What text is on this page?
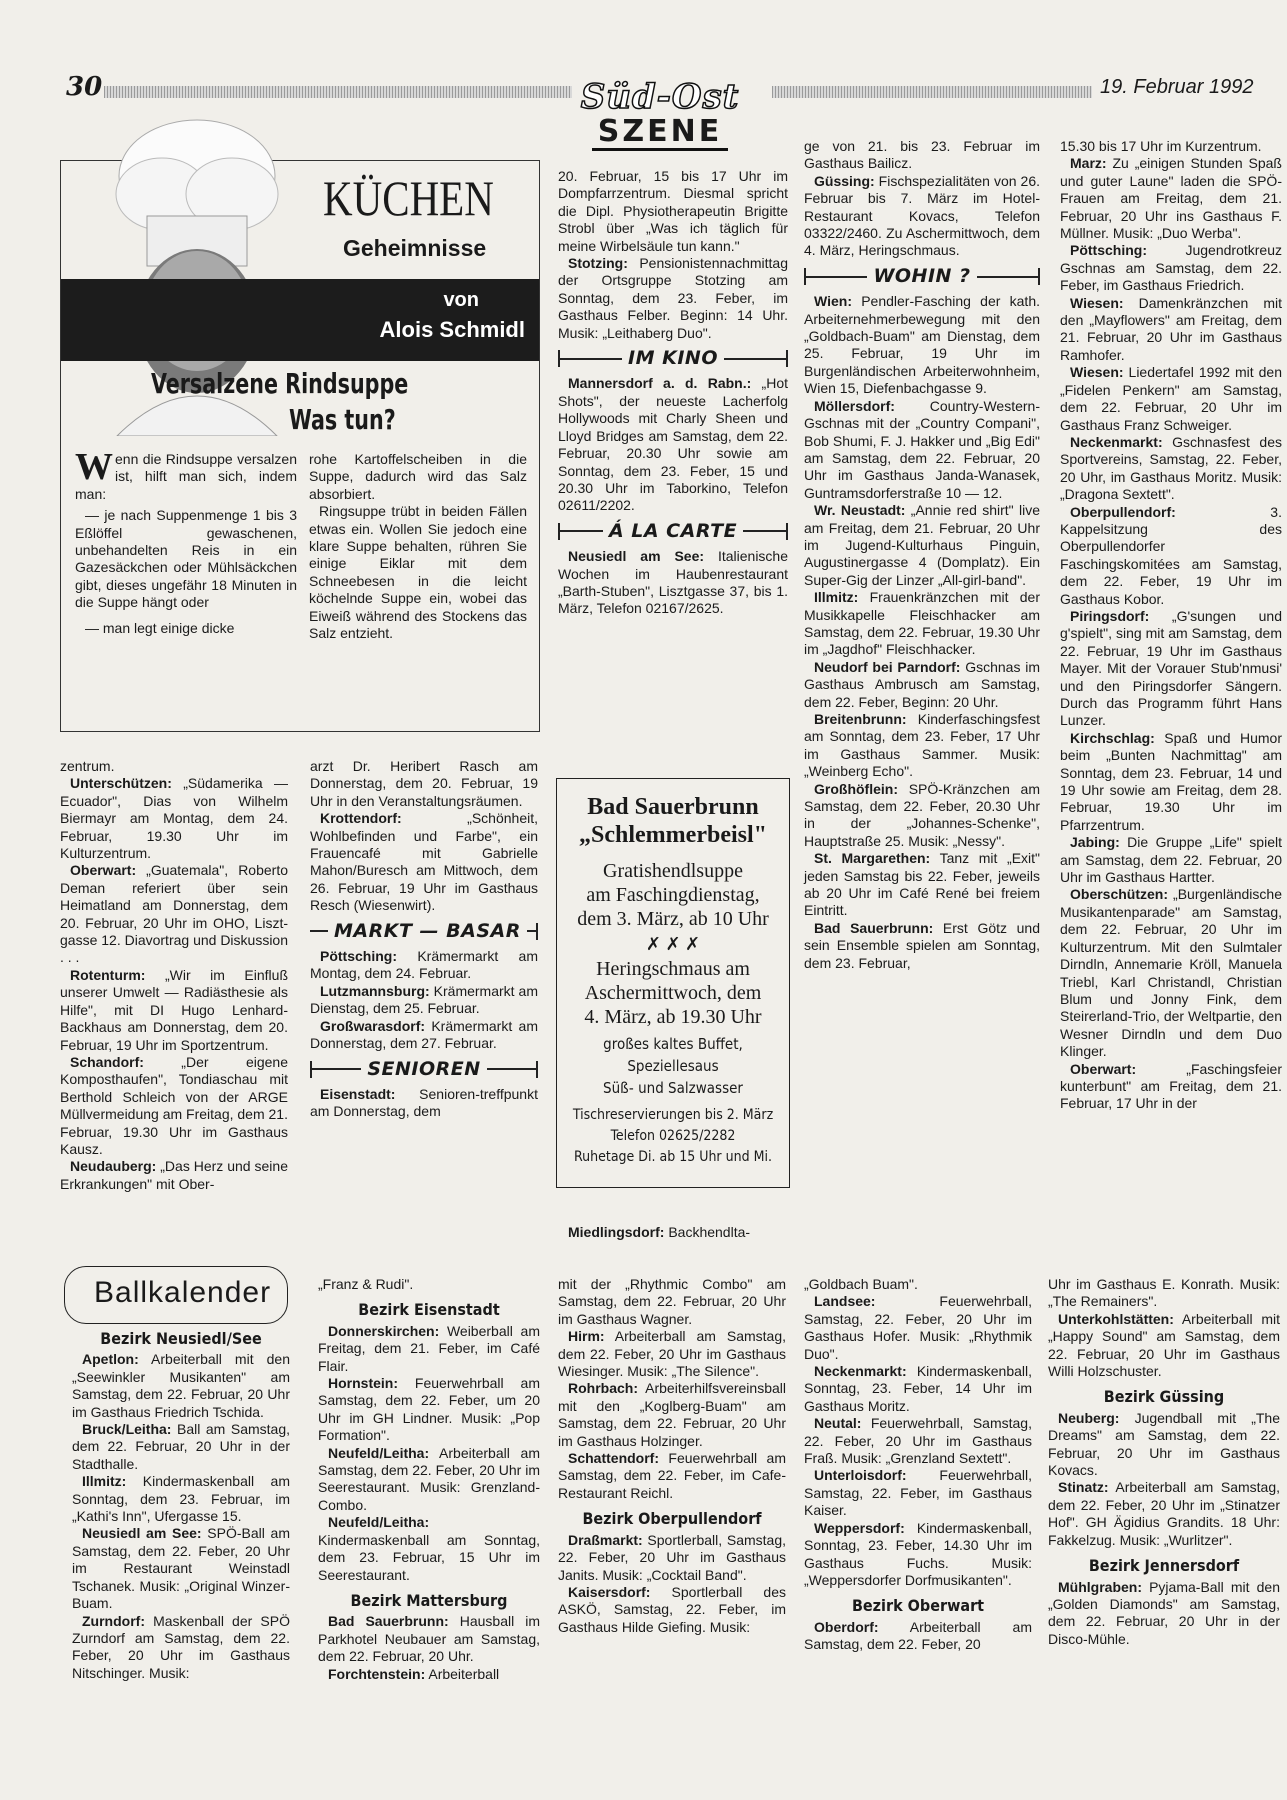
30	19. Februar 1992
Süd-Ost
SZENE
KÜCHEN
Geheimnisse
von
Alois Schmidl
Versalzene Rindsuppe
Was tun?

Wenn die Rindsuppe versalzen ist, hilft man sich, indem man:

— je nach Suppenmenge 1 bis 3 Eßlöffel gewaschenen, unbehandelten Reis in ein Gazesäckchen oder Mühlsäckchen gibt, dieses ungefähr 18 Minuten in die Suppe hängt oder

— man legt einige dicke

rohe Kartoffelscheiben in die Suppe, dadurch wird das Salz absorbiert.

Ringsuppe trübt in beiden Fällen etwas ein. Wollen Sie jedoch eine klare Suppe behalten, rühren Sie einige Eiklar mit dem Schneebesen in die leicht köchelnde Suppe ein, wobei das Eiweiß während des Stockens das Salz entzieht.

zentrum.

Unterschützen: „Südamerika — Ecuador", Dias von Wilhelm Biermayr am Montag, dem 24. Februar, 19.30 Uhr im Kulturzentrum.

Oberwart: „Guatemala", Roberto Deman referiert über sein Heimatland am Donnerstag, dem 20. Februar, 20 Uhr im OHO, Lisztgasse 12. Diavortrag und Diskussion . . .

Rotenturm: „Wir im Einfluß unserer Umwelt — Radiästhesie als Hilfe", mit DI Hugo Lenhard-Backhaus am Donnerstag, dem 20. Februar, 19 Uhr im Sportzentrum.

Schandorf: „Der eigene Komposthaufen", Tondiaschau mit Berthold Schleich von der ARGE Müllvermeidung am Freitag, dem 21. Februar, 19.30 Uhr im Gasthaus Kausz.

Neudauberg: „Das Herz und seine Erkrankungen" mit Ober-

arzt Dr. Heribert Rasch am Donnerstag, dem 20. Februar, 19 Uhr in den Veranstaltungsräumen.

Krottendorf: „Schönheit, Wohlbefinden und Farbe", ein Frauencafé mit Gabrielle Mahon/Buresch am Mittwoch, dem 26. Februar, 19 Uhr im Gasthaus Resch (Wiesenwirt).

MARKT — BASAR

Pöttsching: Krämermarkt am Montag, dem 24. Februar.

Lutzmannsburg: Krämermarkt am Dienstag, dem 25. Februar.

Großwarasdorf: Krämermarkt am Donnerstag, dem 27. Februar.

SENIOREN

Eisenstadt: Senioren-treffpunkt am Donnerstag, dem

20. Februar, 15 bis 17 Uhr im Dompfarrzentrum. Diesmal spricht die Dipl. Physiotherapeutin Brigitte Strobl über „Was ich täglich für meine Wirbelsäule tun kann."

Stotzing: Pensionistennachmittag der Ortsgruppe Stotzing am Sonntag, dem 23. Feber, im Gasthaus Felber. Beginn: 14 Uhr. Musik: „Leithaberg Duo".

IM KINO

Mannersdorf a. d. Rabn.: „Hot Shots", der neueste Lacherfolg Hollywoods mit Charly Sheen und Lloyd Bridges am Samstag, dem 22. Februar, 20.30 Uhr sowie am Sonntag, dem 23. Feber, 15 und 20.30 Uhr im Taborkino, Telefon 02611/2202.

Á LA CARTE

Neusiedl am See: Italienische Wochen im Haubenrestaurant „Barth-Stuben", Lisztgasse 37, bis 1. März, Telefon 02167/2625.

Bad Sauerbrunn
„Schlemmerbeisl"
Gratishendlsuppe
am Faschingdienstag,
dem 3. März, ab 10 Uhr
✗ ✗ ✗
Heringschmaus am
Aschermittwoch, dem
4. März, ab 19.30 Uhr
großes kaltes Buffet,
Speziellesaus
Süß- und Salzwasser
Tischreservierungen bis 2. März
Telefon 02625/2282
Ruhetage Di. ab 15 Uhr und Mi.

Miedlingsdorf: Backhendlta-

ge von 21. bis 23. Februar im Gasthaus Bailicz.

Güssing: Fischspezialitäten von 26. Februar bis 7. März im Hotel-Restaurant Kovacs, Telefon 03322/2460. Zu Aschermittwoch, dem 4. März, Heringschmaus.

WOHIN ?

Wien: Pendler-Fasching der kath. Arbeiternehmerbewegung mit den „Goldbach-Buam" am Dienstag, dem 25. Februar, 19 Uhr im Burgenländischen Arbeiterwohnheim, Wien 15, Diefenbachgasse 9.

Möllersdorf: Country-Western-Gschnas mit der „Country Compani", Bob Shumi, F. J. Hakker und „Big Edi" am Samstag, dem 22. Februar, 20 Uhr im Gasthaus Janda-Wanasek, Guntramsdorferstraße 10 — 12.

Wr. Neustadt: „Annie red shirt" live am Freitag, dem 21. Februar, 20 Uhr im Jugend-Kulturhaus Pinguin, Augustinergasse 4 (Domplatz). Ein Super-Gig der Linzer „All-girl-band".

Illmitz: Frauenkränzchen mit der Musikkapelle Fleischhacker am Samstag, dem 22. Februar, 19.30 Uhr im „Jagdhof" Fleischhacker.

Neudorf bei Parndorf: Gschnas im Gasthaus Ambrusch am Samstag, dem 22. Feber, Beginn: 20 Uhr.

Breitenbrunn: Kinderfaschingsfest am Sonntag, dem 23. Feber, 17 Uhr im Gasthaus Sammer. Musik: „Weinberg Echo".

Großhöflein: SPÖ-Kränzchen am Samstag, dem 22. Feber, 20.30 Uhr in der „Johannes-Schenke", Hauptstraße 25. Musik: „Nessy".

St. Margarethen: Tanz mit „Exit" jeden Samstag bis 22. Feber, jeweils ab 20 Uhr im Café René bei freiem Eintritt.

Bad Sauerbrunn: Erst Götz und sein Ensemble spielen am Sonntag, dem 23. Februar,

15.30 bis 17 Uhr im Kurzentrum.

Marz: Zu „einigen Stunden Spaß und guter Laune" laden die SPÖ-Frauen am Freitag, dem 21. Februar, 20 Uhr ins Gasthaus F. Müllner. Musik: „Duo Werba".

Pöttsching: Jugendrotkreuz Gschnas am Samstag, dem 22. Feber, im Gasthaus Friedrich.

Wiesen: Damenkränzchen mit den „Mayflowers" am Freitag, dem 21. Februar, 20 Uhr im Gasthaus Ramhofer.

Wiesen: Liedertafel 1992 mit den „Fidelen Penkern" am Samstag, dem 22. Februar, 20 Uhr im Gasthaus Franz Schweiger.

Neckenmarkt: Gschnasfest des Sportvereins, Samstag, 22. Feber, 20 Uhr, im Gasthaus Moritz. Musik: „Dragona Sextett".

Oberpullendorf: 3. Kappelsitzung des Oberpullendorfer Faschingskomitées am Samstag, dem 22. Feber, 19 Uhr im Gasthaus Kobor.

Piringsdorf: „G'sungen und g'spielt", sing mit am Samstag, dem 22. Februar, 19 Uhr im Gasthaus Mayer. Mit der Vorauer Stub'nmusi' und den Piringsdorfer Sängern. Durch das Programm führt Hans Lunzer.

Kirchschlag: Spaß und Humor beim „Bunten Nachmittag" am Sonntag, dem 23. Februar, 14 und 19 Uhr sowie am Freitag, dem 28. Februar, 19.30 Uhr im Pfarrzentrum.

Jabing: Die Gruppe „Life" spielt am Samstag, dem 22. Februar, 20 Uhr im Gasthaus Hartter.

Oberschützen: „Burgenländische Musikantenparade" am Samstag, dem 22. Februar, 20 Uhr im Kulturzentrum. Mit den Sulmtaler Dirndln, Annemarie Kröll, Manuela Triebl, Karl Christandl, Christian Blum und Jonny Fink, dem Steirerland-Trio, der Weltpartie, den Wesner Dirndln und dem Duo Klinger.

Oberwart: „Faschingsfeier kunterbunt" am Freitag, dem 21. Februar, 17 Uhr in der

Ballkalender
Bezirk Neusiedl/See

Apetlon: Arbeiterball mit den „Seewinkler Musikanten" am Samstag, dem 22. Februar, 20 Uhr im Gasthaus Friedrich Tschida.

Bruck/Leitha: Ball am Samstag, dem 22. Februar, 20 Uhr in der Stadthalle.

Illmitz: Kindermaskenball am Sonntag, dem 23. Februar, im „Kathi's Inn", Ufergasse 15.

Neusiedl am See: SPÖ-Ball am Samstag, dem 22. Feber, 20 Uhr im Restaurant Weinstadl Tschanek. Musik: „Original Winzer-Buam.

Zurndorf: Maskenball der SPÖ Zurndorf am Samstag, dem 22. Feber, 20 Uhr im Gasthaus Nitschinger. Musik:

„Franz & Rudi".

Bezirk Eisenstadt

Donnerskirchen: Weiberball am Freitag, dem 21. Feber, im Café Flair.

Hornstein: Feuerwehrball am Samstag, dem 22. Feber, um 20 Uhr im GH Lindner. Musik: „Pop Formation".

Neufeld/Leitha: Arbeiterball am Samstag, dem 22. Feber, 20 Uhr im Seerestaurant. Musik: Grenzland-Combo.

Neufeld/Leitha: Kindermaskenball am Sonntag, dem 23. Februar, 15 Uhr im Seerestaurant.

Bezirk Mattersburg

Bad Sauerbrunn: Hausball im Parkhotel Neubauer am Samstag, dem 22. Februar, 20 Uhr.

Forchtenstein: Arbeiterball

mit der „Rhythmic Combo" am Samstag, dem 22. Februar, 20 Uhr im Gasthaus Wagner.

Hirm: Arbeiterball am Samstag, dem 22. Feber, 20 Uhr im Gasthaus Wiesinger. Musik: „The Silence".

Rohrbach: Arbeiterhilfsvereinsball mit den „Koglberg-Buam" am Samstag, dem 22. Februar, 20 Uhr im Gasthaus Holzinger.

Schattendorf: Feuerwehrball am Samstag, dem 22. Feber, im Cafe-Restaurant Reichl.

Bezirk Oberpullendorf

Draßmarkt: Sportlerball, Samstag, 22. Feber, 20 Uhr im Gasthaus Janits. Musik: „Cocktail Band".

Kaisersdorf: Sportlerball des ASKÖ, Samstag, 22. Feber, im Gasthaus Hilde Giefing. Musik:

„Goldbach Buam".

Landsee: Feuerwehrball, Samstag, 22. Feber, 20 Uhr im Gasthaus Hofer. Musik: „Rhythmik Duo".

Neckenmarkt: Kindermaskenball, Sonntag, 23. Feber, 14 Uhr im Gasthaus Moritz.

Neutal: Feuerwehrball, Samstag, 22. Feber, 20 Uhr im Gasthaus Fraß. Musik: „Grenzland Sextett".

Unterloisdorf: Feuerwehrball, Samstag, 22. Feber, im Gasthaus Kaiser.

Weppersdorf: Kindermaskenball, Sonntag, 23. Feber, 14.30 Uhr im Gasthaus Fuchs. Musik: „Weppersdorfer Dorfmusikanten".

Bezirk Oberwart

Oberdorf: Arbeiterball am Samstag, dem 22. Feber, 20

Uhr im Gasthaus E. Konrath. Musik: „The Remainers".

Unterkohlstätten: Arbeiterball mit „Happy Sound" am Samstag, dem 22. Februar, 20 Uhr im Gasthaus Willi Holzschuster.

Bezirk Güssing

Neuberg: Jugendball mit „The Dreams" am Samstag, dem 22. Februar, 20 Uhr im Gasthaus Kovacs.

Stinatz: Arbeiterball am Samstag, dem 22. Feber, 20 Uhr im „Stinatzer Hof". GH Ägidius Grandits. 18 Uhr: Fakkelzug. Musik: „Wurlitzer".

Bezirk Jennersdorf

Mühlgraben: Pyjama-Ball mit den „Golden Diamonds" am Samstag, dem 22. Februar, 20 Uhr in der Disco-Mühle.
